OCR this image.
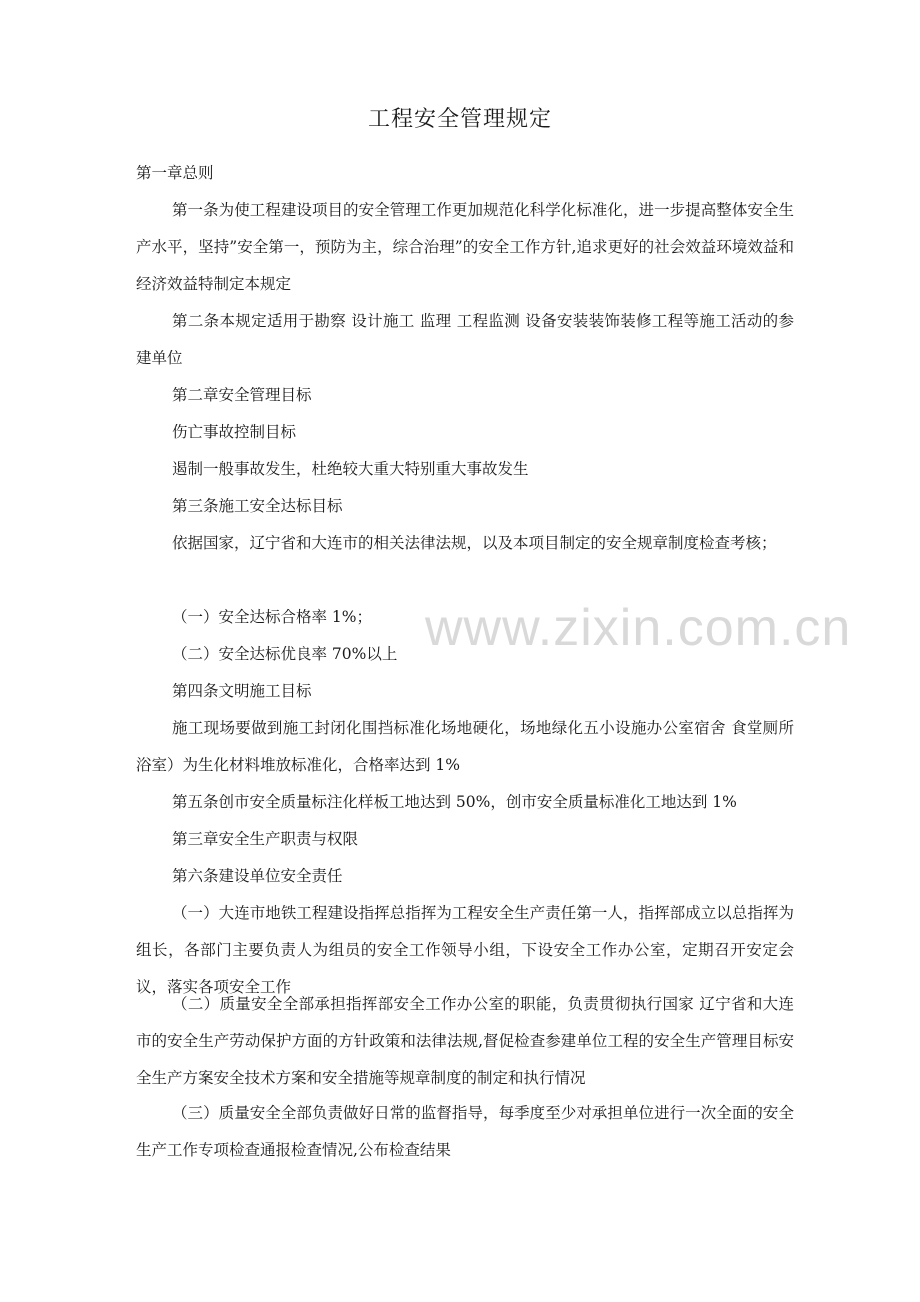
工程安全管理规定

第一章总则

第一条为使工程建设项目的安全管理工作更加规范化科学化标准化，进一步提高整体安全生产水平，坚持”安全第一，预防为主，综合治理”的安全工作方针,追求更好的社会效益环境效益和经济效益特制定本规定

第二条本规定适用于勘察 设计施工 监理 工程监测 设备安装装饰装修工程等施工活动的参建单位

第二章安全管理目标

伤亡事故控制目标

遏制一般事故发生，杜绝较大重大特别重大事故发生

第三条施工安全达标目标

依据国家，辽宁省和大连市的相关法律法规，以及本项目制定的安全规章制度检查考核；

（一）安全达标合格率 1%；

（二）安全达标优良率 70%以上

第四条文明施工目标

施工现场要做到施工封闭化围挡标准化场地硬化，场地绿化五小设施办公室宿舍 食堂厕所 浴室）为生化材料堆放标准化，合格率达到 1%

第五条创市安全质量标注化样板工地达到 50%，创市安全质量标准化工地达到 1%

第三章安全生产职责与权限

第六条建设单位安全责任

（一）大连市地铁工程建设指挥总指挥为工程安全生产责任第一人，指挥部成立以总指挥为组长，各部门主要负责人为组员的安全工作领导小组，下设安全工作办公室，定期召开安定会议，落实各项安全工作

（二）质量安全全部承担指挥部安全工作办公室的职能，负责贯彻执行国家 辽宁省和大连市的安全生产劳动保护方面的方针政策和法律法规,督促检查参建单位工程的安全生产管理目标安全生产方案安全技术方案和安全措施等规章制度的制定和执行情况

（三）质量安全全部负责做好日常的监督指导，每季度至少对承担单位进行一次全面的安全生产工作专项检查通报检查情况,公布检查结果

www.zixin.com.cn
